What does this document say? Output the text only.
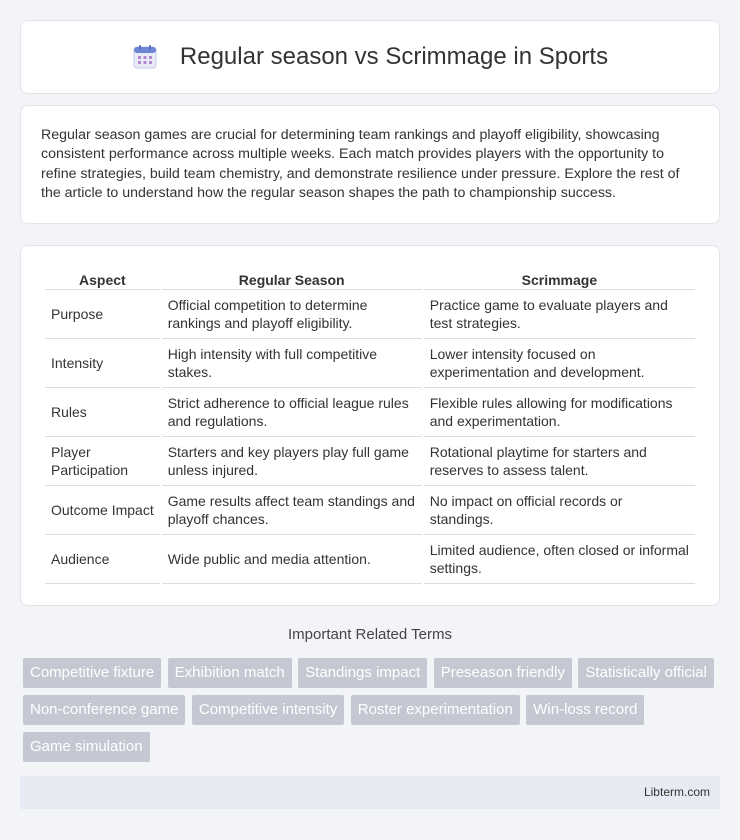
Regular season vs Scrimmage in Sports

Regular season games are crucial for determining team rankings and playoff eligibility, showcasing consistent performance across multiple weeks. Each match provides players with the opportunity to refine strategies, build team chemistry, and demonstrate resilience under pressure. Explore the rest of the article to understand how the regular season shapes the path to championship success.

Aspect	Regular Season	Scrimmage
Purpose	Official competition to determine rankings and playoff eligibility.	Practice game to evaluate players and test strategies.
Intensity	High intensity with full competitive stakes.	Lower intensity focused on experimentation and development.
Rules	Strict adherence to official league rules and regulations.	Flexible rules allowing for modifications and experimentation.
Player Participation	Starters and key players play full game unless injured.	Rotational playtime for starters and reserves to assess talent.
Outcome Impact	Game results affect team standings and playoff chances.	No impact on official records or standings.
Audience	Wide public and media attention.	Limited audience, often closed or informal settings.
Important Related Terms
Competitive fixture Exhibition match Standings impact Preseason friendly Statistically official Non-conference game Competitive intensity Roster experimentation Win-loss record Game simulation
Libterm.com
